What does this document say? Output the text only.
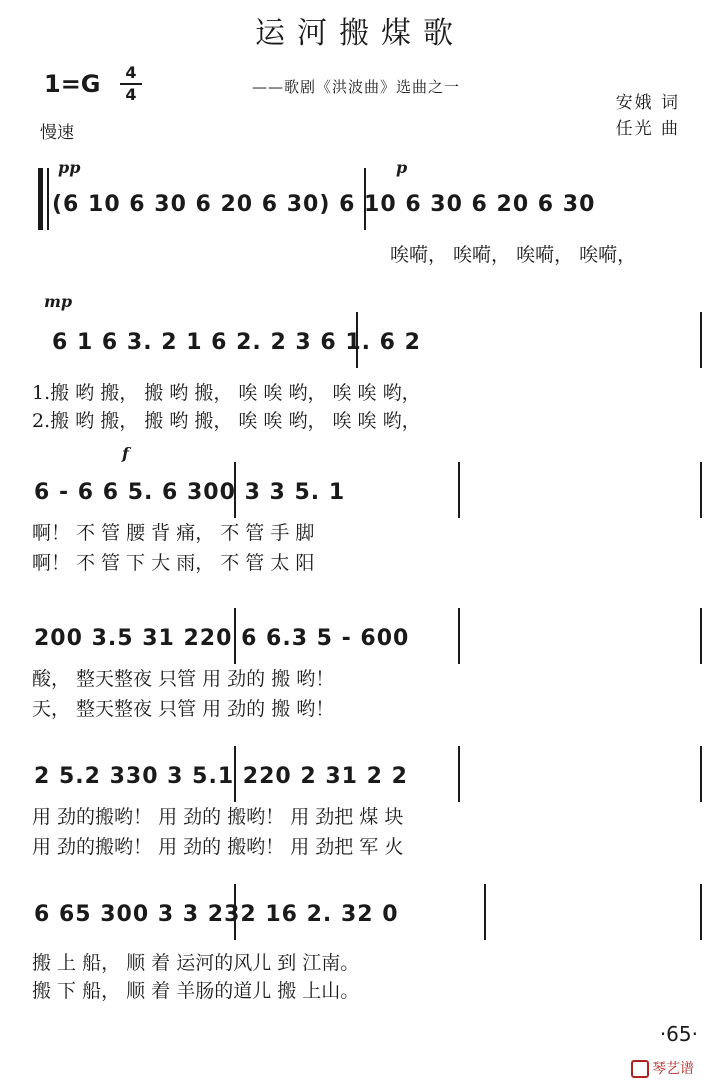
运河搬煤歌
1=G	4
4	——歌剧《洪波曲》选曲之一
安娥 词
任光 曲
慢速
pp	p
(6 10 6 30 6 20 6 30) 6 10 6 30 6 20 6 30
唉嗬， 唉嗬， 唉嗬， 唉嗬，
mp
6 1 6 3. 2 1 6 2. 2 3 6 1. 6 2
1.搬 哟 搬， 搬 哟 搬， 唉 唉 哟， 唉 唉 哟，
2.搬 哟 搬， 搬 哟 搬， 唉 唉 哟， 唉 唉 哟，
f
6 - 6 6 5. 6 300 3 3 5. 1
啊！ 不 管 腰 背 痛， 不 管 手 脚
啊！ 不 管 下 大 雨， 不 管 太 阳
200 3.5 31 220 6 6.3 5 - 600
酸， 整天整夜 只管 用 劲的 搬 哟！
天， 整天整夜 只管 用 劲的 搬 哟！
2 5.2 330 3 5.1 220 2 31 2 2
用 劲的搬哟！ 用 劲的 搬哟！ 用 劲把 煤 块
用 劲的搬哟！ 用 劲的 搬哟！ 用 劲把 军 火
6 65 300 3 3 232 16 2. 32 0
搬 上 船， 顺 着 运河的风儿 到 江南。
搬 下 船， 顺 着 羊肠的道儿 搬 上山。
·65·
琴艺谱
